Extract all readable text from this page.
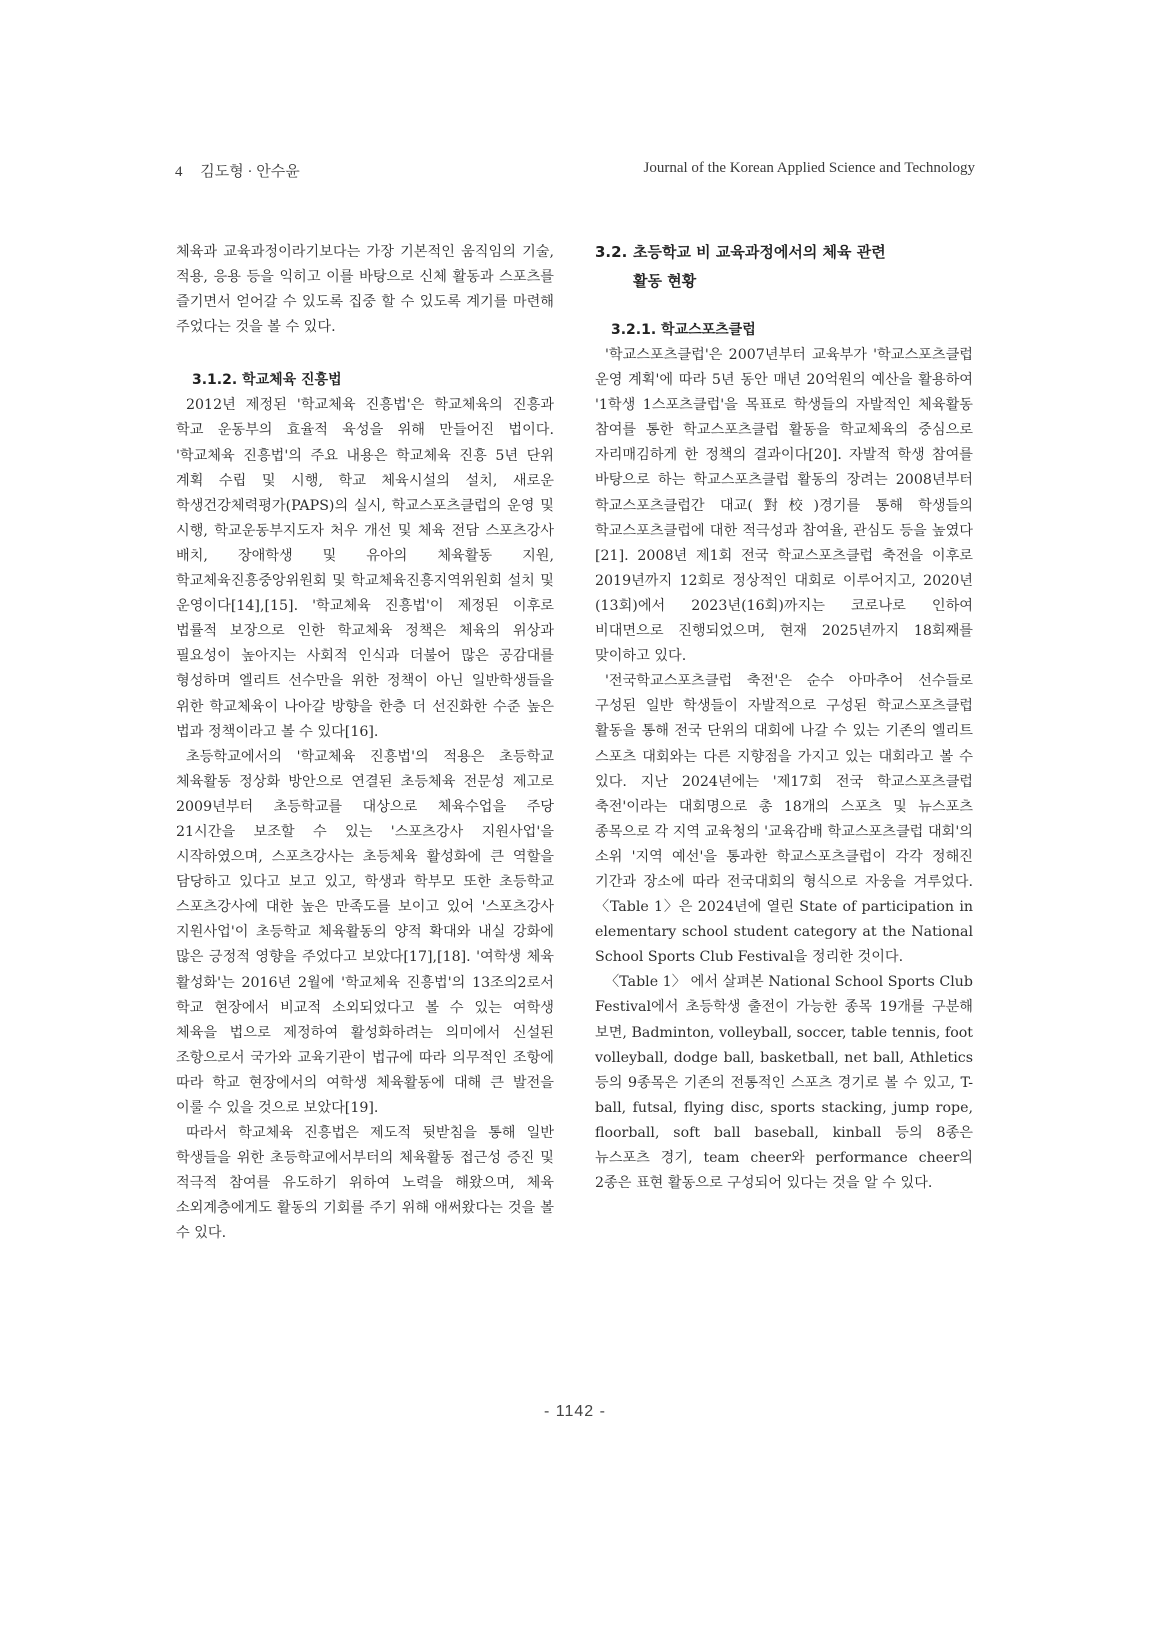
4 김도형 · 안수윤	Journal of the Korean Applied Science and Technology

체육과 교육과정이라기보다는 가장 기본적인 움직임의 기술, 적용, 응용 등을 익히고 이를 바탕으로 신체 활동과 스포츠를 즐기면서 얻어갈 수 있도록 집중 할 수 있도록 계기를 마련해 주었다는 것을 볼 수 있다.

3.1.2. 학교체육 진흥법

2012년 제정된 '학교체육 진흥법'은 학교체육의 진흥과 학교 운동부의 효율적 육성을 위해 만들어진 법이다. '학교체육 진흥법'의 주요 내용은 학교체육 진흥 5년 단위 계획 수립 및 시행, 학교 체육시설의 설치, 새로운 학생건강체력평가(PAPS)의 실시, 학교스포츠클럽의 운영 및 시행, 학교운동부지도자 처우 개선 및 체육 전담 스포츠강사 배치, 장애학생 및 유아의 체육활동 지원, 학교체육진흥중앙위원회 및 학교체육진흥지역위원회 설치 및 운영이다[14],[15]. '학교체육 진흥법'이 제정된 이후로 법률적 보장으로 인한 학교체육 정책은 체육의 위상과 필요성이 높아지는 사회적 인식과 더불어 많은 공감대를 형성하며 엘리트 선수만을 위한 정책이 아닌 일반학생들을 위한 학교체육이 나아갈 방향을 한층 더 선진화한 수준 높은 법과 정책이라고 볼 수 있다[16].

초등학교에서의 '학교체육 진흥법'의 적용은 초등학교 체육활동 정상화 방안으로 연결된 초등체육 전문성 제고로 2009년부터 초등학교를 대상으로 체육수업을 주당 21시간을 보조할 수 있는 '스포츠강사 지원사업'을 시작하였으며, 스포츠강사는 초등체육 활성화에 큰 역할을 담당하고 있다고 보고 있고, 학생과 학부모 또한 초등학교 스포츠강사에 대한 높은 만족도를 보이고 있어 '스포츠강사 지원사업'이 초등학교 체육활동의 양적 확대와 내실 강화에 많은 긍정적 영향을 주었다고 보았다[17],[18]. '여학생 체육 활성화'는 2016년 2월에 '학교체육 진흥법'의 13조의2로서 학교 현장에서 비교적 소외되었다고 볼 수 있는 여학생 체육을 법으로 제정하여 활성화하려는 의미에서 신설된 조항으로서 국가와 교육기관이 법규에 따라 의무적인 조항에 따라 학교 현장에서의 여학생 체육활동에 대해 큰 발전을 이룰 수 있을 것으로 보았다[19].

따라서 학교체육 진흥법은 제도적 뒷받침을 통해 일반 학생들을 위한 초등학교에서부터의 체육활동 접근성 증진 및 적극적 참여를 유도하기 위하여 노력을 해왔으며, 체육 소외계층에게도 활동의 기회를 주기 위해 애써왔다는 것을 볼 수 있다.

3.2. 초등학교 비 교육과정에서의 체육 관련
활동 현황
3.2.1. 학교스포츠클럽

'학교스포츠클럽'은 2007년부터 교육부가 '학교스포츠클럽 운영 계획'에 따라 5년 동안 매년 20억원의 예산을 활용하여 '1학생 1스포츠클럽'을 목표로 학생들의 자발적인 체육활동 참여를 통한 학교스포츠클럽 활동을 학교체육의 중심으로 자리매김하게 한 정책의 결과이다[20]. 자발적 학생 참여를 바탕으로 하는 학교스포츠클럽 활동의 장려는 2008년부터 학교스포츠클럽간 대교(對校)경기를 통해 학생들의 학교스포츠클럽에 대한 적극성과 참여율, 관심도 등을 높였다[21]. 2008년 제1회 전국 학교스포츠클럽 축전을 이후로 2019년까지 12회로 정상적인 대회로 이루어지고, 2020년(13회)에서 2023년(16회)까지는 코로나로 인하여 비대면으로 진행되었으며, 현재 2025년까지 18회째를 맞이하고 있다.

'전국학교스포츠클럽 축전'은 순수 아마추어 선수들로 구성된 일반 학생들이 자발적으로 구성된 학교스포츠클럽 활동을 통해 전국 단위의 대회에 나갈 수 있는 기존의 엘리트 스포츠 대회와는 다른 지향점을 가지고 있는 대회라고 볼 수 있다. 지난 2024년에는 '제17회 전국 학교스포츠클럽 축전'이라는 대회명으로 총 18개의 스포츠 및 뉴스포츠 종목으로 각 지역 교육청의 '교육감배 학교스포츠클럽 대회'의 소위 '지역 예선'을 통과한 학교스포츠클럽이 각각 정해진 기간과 장소에 따라 전국대회의 형식으로 자웅을 겨루었다. 〈Table 1〉은 2024년에 열린 State of participation in elementary school student category at the National School Sports Club Festival을 정리한 것이다.

〈Table 1〉 에서 살펴본 National School Sports Club Festival에서 초등학생 출전이 가능한 종목 19개를 구분해 보면, Badminton, volleyball, soccer, table tennis, foot volleyball, dodge ball, basketball, net ball, Athletics 등의 9종목은 기존의 전통적인 스포츠 경기로 볼 수 있고, T-ball, futsal, flying disc, sports stacking, jump rope, floorball, soft ball baseball, kinball 등의 8종은 뉴스포츠 경기, team cheer와 performance cheer의 2종은 표현 활동으로 구성되어 있다는 것을 알 수 있다.

- 1142 -
